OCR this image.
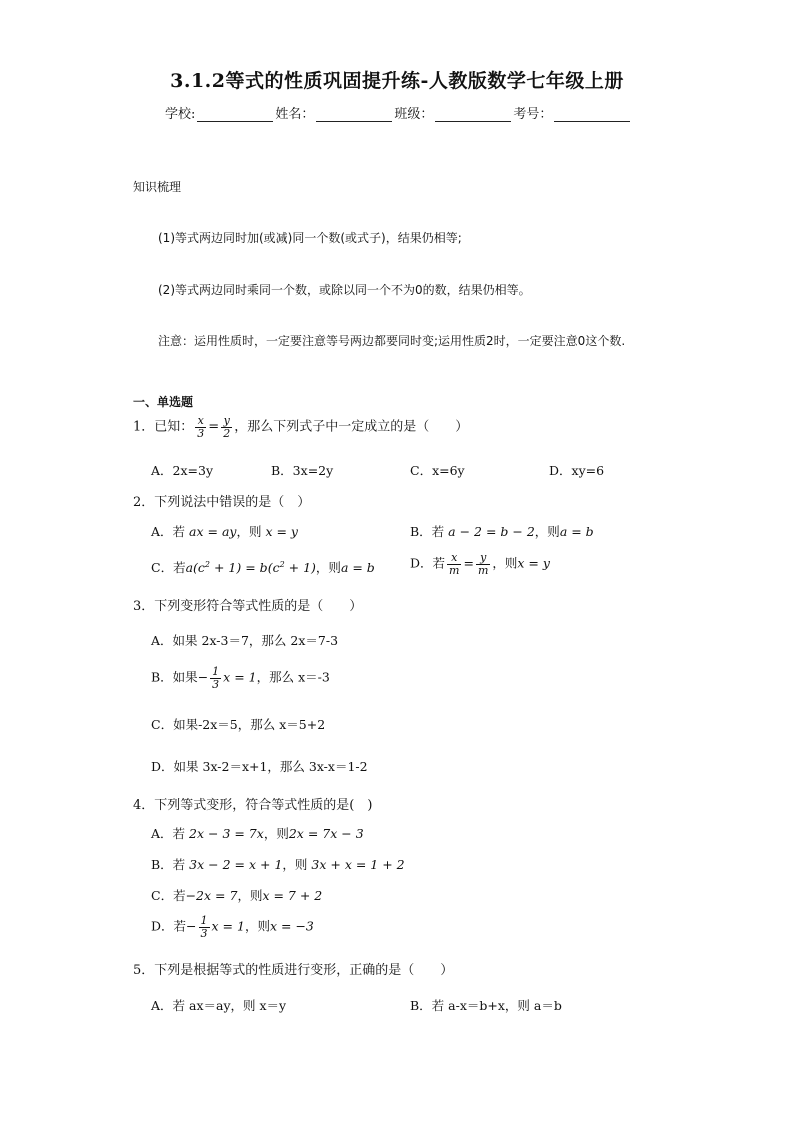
3.1.2等式的性质巩固提升练-人教版数学七年级上册
学校:	姓名：	班级：	考号：
知识梳理
(1)等式两边同时加(或减)同一个数(或式子)，结果仍相等;
(2)等式两边同时乘同一个数，或除以同一个不为0的数，结果仍相等。
注意：运用性质时，一定要注意等号两边都要同时变;运用性质2时，一定要注意0这个数.
一、单选题
1．已知： $\frac{x}{3} = \frac{y}{2}$ ，那么下列式子中一定成立的是（　　）
A．2x=3y	B．3x=2y	C．x=6y	D．xy=6
2．下列说法中错误的是（　）
A．若 ax = ay，则 x = y	B．若 a − 2 = b − 2，则a = b
C．若$a(c^2 + 1) = b(c^2 + 1)$，则a = b	D．若 $\frac{x}{m} = \frac{y}{m}$ ，则x = y
3．下列变形符合等式性质的是（　　）
A．如果 2x-3＝7，那么 2x＝7-3
B．如果− $\frac{1}{3}$ x = 1，那么 x＝-3
C．如果-2x＝5，那么 x＝5+2
D．如果 3x-2＝x+1，那么 3x-x＝1-2
4．下列等式变形，符合等式性质的是(　)
A．若 2x − 3 = 7x，则2x = 7x − 3
B．若 3x − 2 = x + 1，则 3x + x = 1 + 2
C．若−2x = 7，则x = 7 + 2
D．若− $\frac{1}{3}$ x = 1，则x = −3
5．下列是根据等式的性质进行变形，正确的是（　　）
A．若 ax＝ay，则 x＝y	B．若 a-x＝b+x，则 a＝b
